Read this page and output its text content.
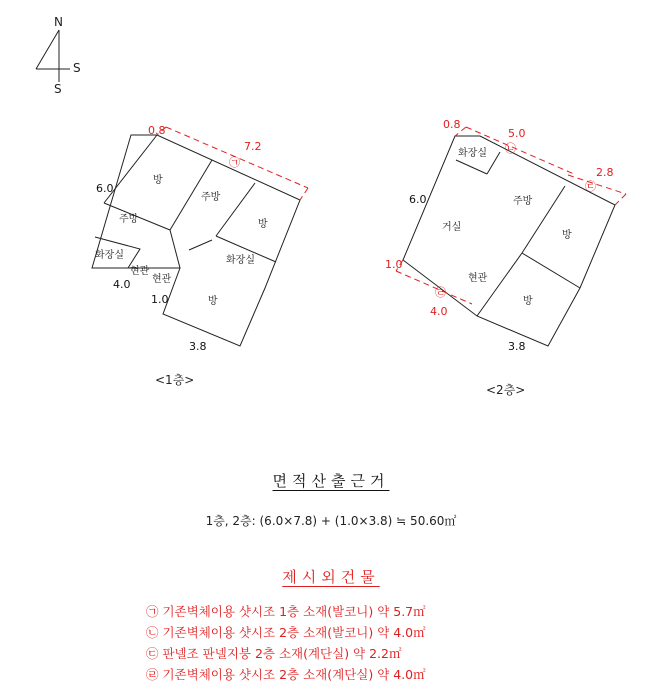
N
S
S
방
주방
방
주방
화장실
현관
현관
화장실
방
6.0
4.0
1.0
3.8
0.8
7.2
㉠
<1층>
화장실
거실
주방
방
현관
방
6.0
3.8
0.8
5.0
㉡
2.8
㉢
1.0
㉣
4.0
<2층>
면적산출근거
1층, 2층: (6.0×7.8) + (1.0×3.8) ≒ 50.60㎡
제시외건물
㉠ 기존벽체이용 샷시조 1층 소재(발코니) 약 5.7㎡
㉡ 기존벽체이용 샷시조 2층 소재(발코니) 약 4.0㎡
㉢ 판넬조 판넬지붕 2층 소재(계단실) 약 2.2㎡
㉣ 기존벽체이용 샷시조 2층 소재(계단실) 약 4.0㎡
